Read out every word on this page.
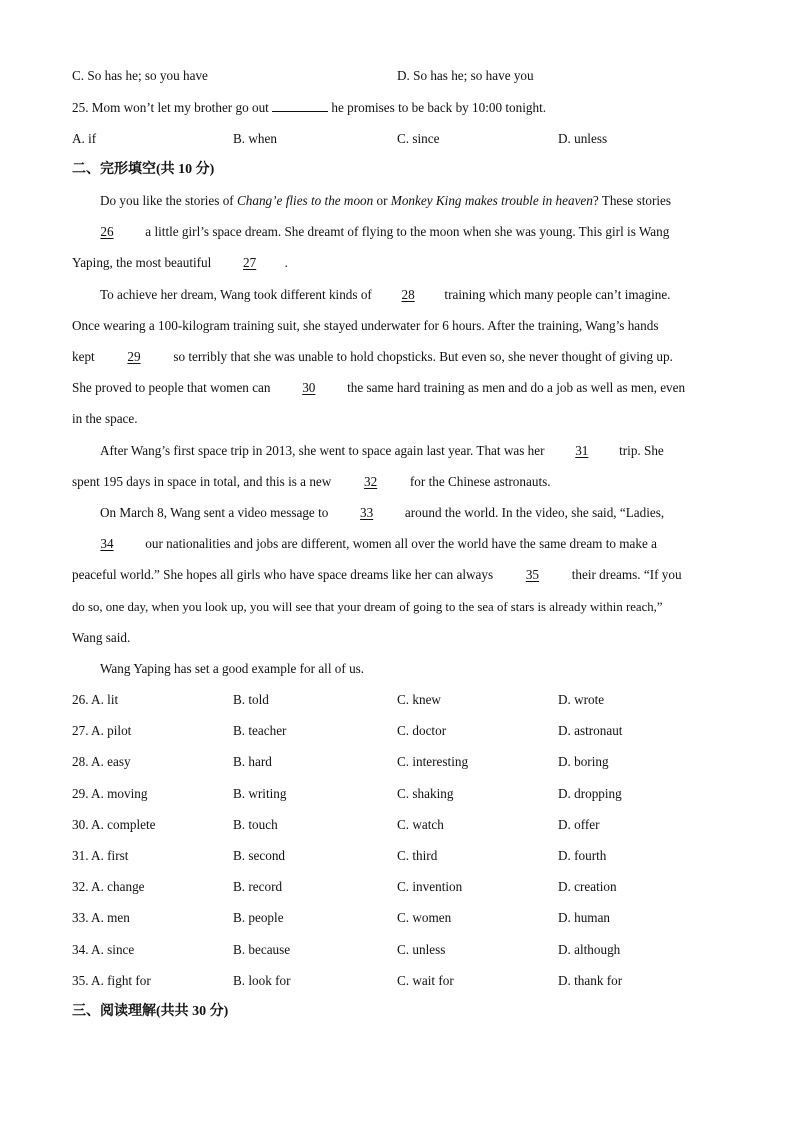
C. So has he; so you have	D. So has he; so have you
25. Mom won’t let my brother go out	he promises to be back by 10:00 tonight.
A. if	B. when	C. since	D. unless
二、完形填空(共 10 分)
Do you like the stories of Chang’e flies to the moon or Monkey King makes trouble in heaven? These stories
26 a little girl’s space dream. She dreamt of flying to the moon when she was young. This girl is Wang
Yaping, the most beautiful 27 .
To achieve her dream, Wang took different kinds of 28 training which many people can’t imagine.
Once wearing a 100-kilogram training suit, she stayed underwater for 6 hours. After the training, Wang’s hands
kept 29 so terribly that she was unable to hold chopsticks. But even so, she never thought of giving up.
She proved to people that women can 30 the same hard training as men and do a job as well as men, even
in the space.
After Wang’s first space trip in 2013, she went to space again last year. That was her 31 trip. She
spent 195 days in space in total, and this is a new 32 for the Chinese astronauts.
On March 8, Wang sent a video message to 33 around the world. In the video, she said, “Ladies,
34 our nationalities and jobs are different, women all over the world have the same dream to make a
peaceful world.” She hopes all girls who have space dreams like her can always 35 their dreams. “If you
do so, one day, when you look up, you will see that your dream of going to the sea of stars is already within reach,”
Wang said.
Wang Yaping has set a good example for all of us.
26. A. lit	B. told	C. knew	D. wrote
27. A. pilot	B. teacher	C. doctor	D. astronaut
28. A. easy	B. hard	C. interesting	D. boring
29. A. moving	B. writing	C. shaking	D. dropping
30. A. complete	B. touch	C. watch	D. offer
31. A. first	B. second	C. third	D. fourth
32. A. change	B. record	C. invention	D. creation
33. A. men	B. people	C. women	D. human
34. A. since	B. because	C. unless	D. although
35. A. fight for	B. look for	C. wait for	D. thank for
三、阅读理解(共共 30 分)
